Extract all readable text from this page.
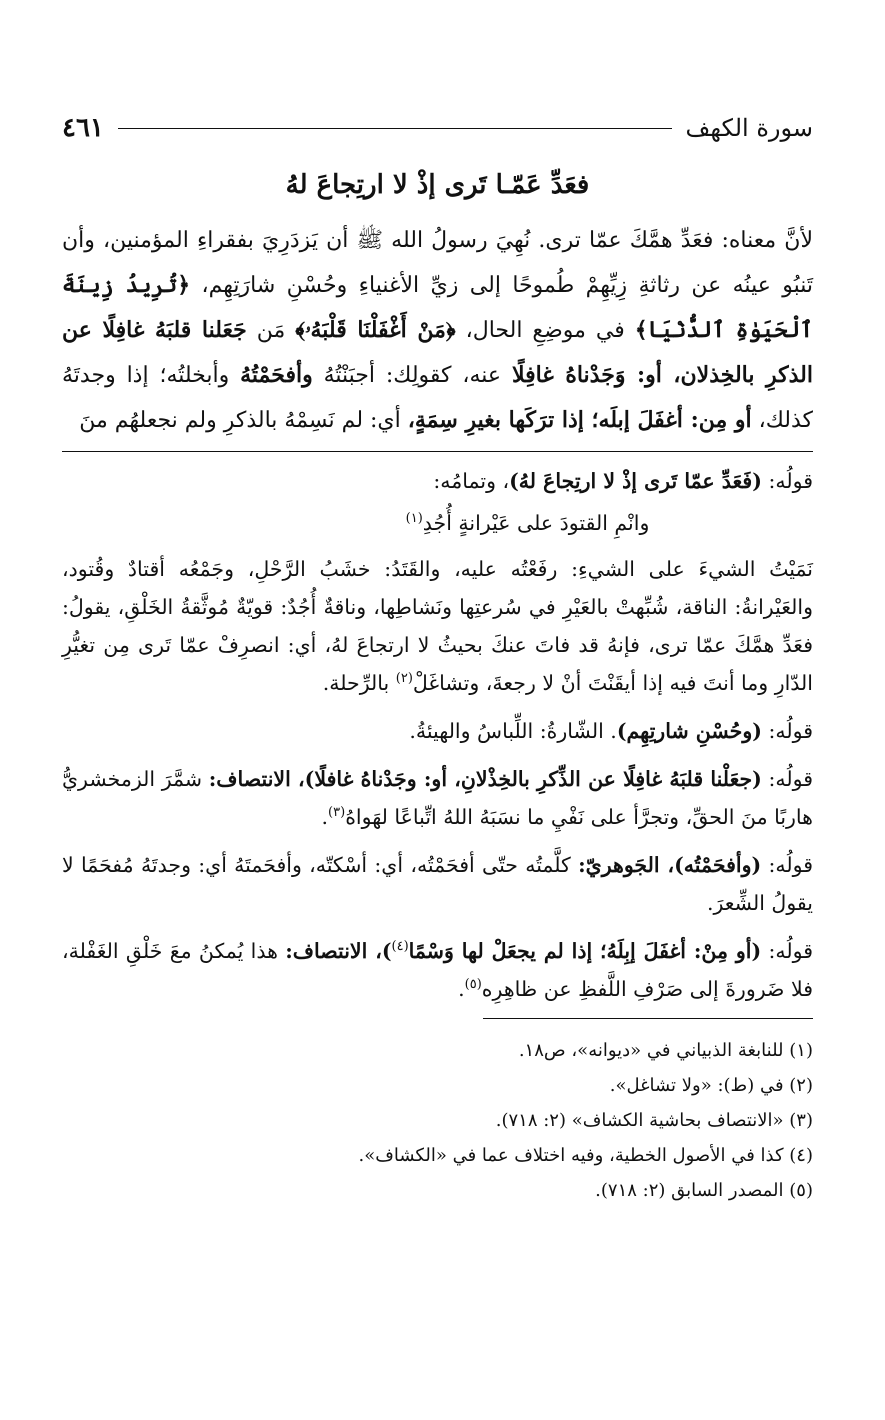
سورة الكهف
٤٦١
فعَدِّ عَمّـا تَرى إذْ لا ارتِجاعَ لهُ

لأنَّ معناه: فعَدِّ همَّكَ عمّا ترى. نُهِيَ رسولُ الله ﷺ أن يَزدَرِيَ بفقراءِ المؤمنين، وأن تَنبُو عينُه عن رثاثةِ زِيِّهِمْ طُموحًا إلى زيِّ الأغنياءِ وحُسْنِ شارَتِهِم، ﴿تُرِيدُ زِينَةَ ٱلْحَيَوٰةِ ٱلدُّنْيَا﴾ في موضِعِ الحال، ﴿مَنْ أَغْفَلْنَا قَلْبَهُۥ﴾ مَن جَعَلنا قلبَهُ غافِلًا عن الذكرِ بالخِذلان، أو: وَجَدْناهُ غافِلًا عنه، كقولِك: أجبَنْتُهُ وأفحَمْتُهُ وأبخلتُه؛ إذا وجدتَهُ كذلك، أو مِن: أغفَلَ إبلَه؛ إذا ترَكَها بغيرِ سِمَةٍ، أي: لم نَسِمْهُ بالذكرِ ولم نجعلهُم منَ

قولُه: (فَعَدِّ عمّا تَرى إذْ لا ارتِجاعَ لهُ)، وتمامُه:

وانْمِ القتودَ على عَيْرانةٍ أُجُدِ$^{(١)}$

نَمَيْتُ الشيءَ على الشيءِ: رفَعْتُه عليه، والقَتَدُ: خشَبُ الرَّحْلِ، وجَمْعُه أقتادٌ وقُتود، والعَيْرانةُ: الناقة، شُبِّهتْ بالعَيْرِ في سُرعتِها ونَشاطِها، وناقةٌ أُجُدٌ: قويّةٌ مُوثَّقةُ الخَلْقِ، يقولُ: فعَدِّ همَّكَ عمّا ترى، فإنهُ قد فاتَ عنكَ بحيثُ لا ارتجاعَ لهُ، أي: انصرِفْ عمّا تَرى مِن تغيُّرِ الدّارِ وما أنتَ فيه إذا أيقَنْتَ أنْ لا رجعةَ، وتشاغَلْ$^{(٢)}$ بالرِّحلة.

قولُه: (وحُسْنِ شارتِهِم). الشّارةُ: اللِّباسُ والهيئةُ.

قولُه: (جعَلْنا قلبَهُ غافِلًا عن الذِّكرِ بالخِذْلانِ، أو: وجَدْناهُ غافلًا)، الانتصاف: شمَّرَ الزمخشريُّ هاربًا منَ الحقِّ، وتجرَّأ على نَفْيِ ما نسَبَهُ اللهُ اتِّباعًا لهَواهُ$^{(٣)}$.

قولُه: (وأفحَمْتُه)، الجَوهريّ: كلَّمتُه حتّى أفحَمْتُه، أي: أسْكتّه، وأفحَمتَهُ أي: وجدتَهُ مُفحَمًا لا يقولُ الشِّعرَ.

قولُه: (أو مِنْ: أغفَلَ إبِلَهُ؛ إذا لم يجعَلْ لها وَسْمًا$^{(٤)}$)، الانتصاف: هذا يُمكنُ معَ خَلْقِ الغَفْلة، فلا ضَرورةَ إلى صَرْفِ اللَّفظِ عن ظاهِرِه$^{(٥)}$.

(١) للنابغة الذبياني في «ديوانه»، ص١٨.

(٢) في (ط): «ولا تشاغل».

(٣) «الانتصاف بحاشية الكشاف» (٢: ٧١٨).

(٤) كذا في الأصول الخطية، وفيه اختلاف عما في «الكشاف».

(٥) المصدر السابق (٢: ٧١٨).
